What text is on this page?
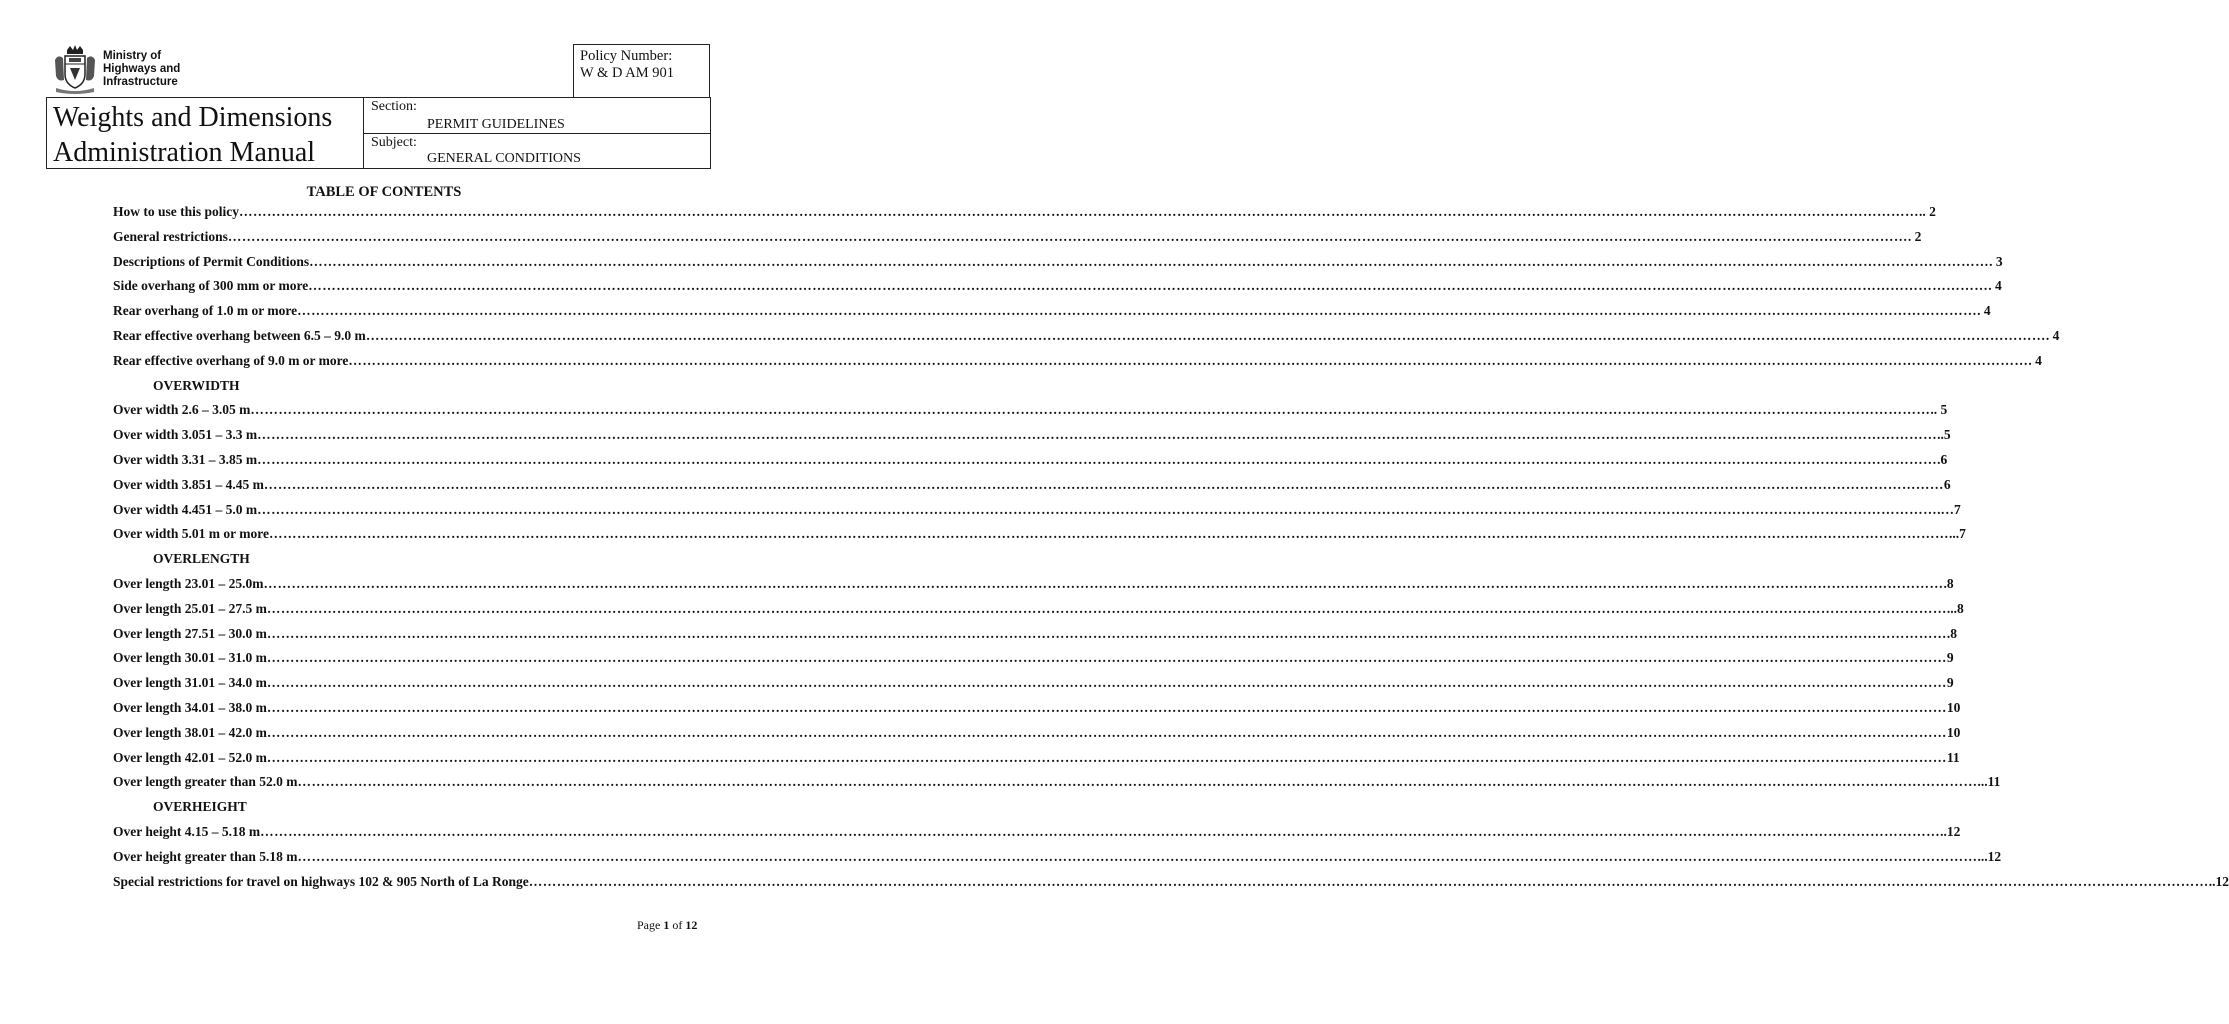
Ministry of
Highways and
Infrastructure
Policy Number:
W & D AM 901
Weights and Dimensions
Administration Manual
Section:
PERMIT GUIDELINES
Subject:
GENERAL CONDITIONS
TABLE OF CONTENTS
How to use this policy ……………………………………………………………………………………………………………………………………………………………………………………………………………………………………………………………………………………………………………………………… .. 2
General restrictions ……………………………………………………………………………………………………………………………………………………………………………………………………………………………………………………………………………………………………………………………… . 2
Descriptions of Permit Conditions ……………………………………………………………………………………………………………………………………………………………………………………………………………………………………………………………………………………………………………………………… . 3
Side overhang of 300 mm or more ……………………………………………………………………………………………………………………………………………………………………………………………………………………………………………………………………………………………………………………………… . 4
Rear overhang of 1.0 m or more ……………………………………………………………………………………………………………………………………………………………………………………………………………………………………………………………………………………………………………………………… . 4
Rear effective overhang between 6.5 – 9.0 m ……………………………………………………………………………………………………………………………………………………………………………………………………………………………………………………………………………………………………………………………… . 4
Rear effective overhang of 9.0 m or more ……………………………………………………………………………………………………………………………………………………………………………………………………………………………………………………………………………………………………………………………… . 4
OVERWIDTH
Over width 2.6 – 3.05 m ……………………………………………………………………………………………………………………………………………………………………………………………………………………………………………………………………………………………………………………………… .. 5
Over width 3.051 – 3.3 m ……………………………………………………………………………………………………………………………………………………………………………………………………………………………………………………………………………………………………………………………… ..5
Over width 3.31 – 3.85 m ……………………………………………………………………………………………………………………………………………………………………………………………………………………………………………………………………………………………………………………………… .6
Over width 3.851 – 4.45 m ……………………………………………………………………………………………………………………………………………………………………………………………………………………………………………………………………………………………………………………………… 6
Over width 4.451 – 5.0 m ……………………………………………………………………………………………………………………………………………………………………………………………………………………………………………………………………………………………………………………………… .…7
Over width 5.01 m or more ……………………………………………………………………………………………………………………………………………………………………………………………………………………………………………………………………………………………………………………………… ...7
OVERLENGTH
Over length 23.01 – 25.0m ……………………………………………………………………………………………………………………………………………………………………………………………………………………………………………………………………………………………………………………………… .8
Over length 25.01 – 27.5 m ……………………………………………………………………………………………………………………………………………………………………………………………………………………………………………………………………………………………………………………………… ...8
Over length 27.51 – 30.0 m ……………………………………………………………………………………………………………………………………………………………………………………………………………………………………………………………………………………………………………………………… .8
Over length 30.01 – 31.0 m ……………………………………………………………………………………………………………………………………………………………………………………………………………………………………………………………………………………………………………………………… 9
Over length 31.01 – 34.0 m ……………………………………………………………………………………………………………………………………………………………………………………………………………………………………………………………………………………………………………………………… 9
Over length 34.01 – 38.0 m ……………………………………………………………………………………………………………………………………………………………………………………………………………………………………………………………………………………………………………………………… 10
Over length 38.01 – 42.0 m ……………………………………………………………………………………………………………………………………………………………………………………………………………………………………………………………………………………………………………………………… 10
Over length 42.01 – 52.0 m ……………………………………………………………………………………………………………………………………………………………………………………………………………………………………………………………………………………………………………………………… 11
Over length greater than 52.0 m ……………………………………………………………………………………………………………………………………………………………………………………………………………………………………………………………………………………………………………………………… ...11
OVERHEIGHT
Over height 4.15 – 5.18 m ……………………………………………………………………………………………………………………………………………………………………………………………………………………………………………………………………………………………………………………………… ..12
Over height greater than 5.18 m ……………………………………………………………………………………………………………………………………………………………………………………………………………………………………………………………………………………………………………………………… ...12
Special restrictions for travel on highways 102 & 905 North of La Ronge ……………………………………………………………………………………………………………………………………………………………………………………………………………………………………………………………………………………………………………………………… ..12
Page 1 of 12
